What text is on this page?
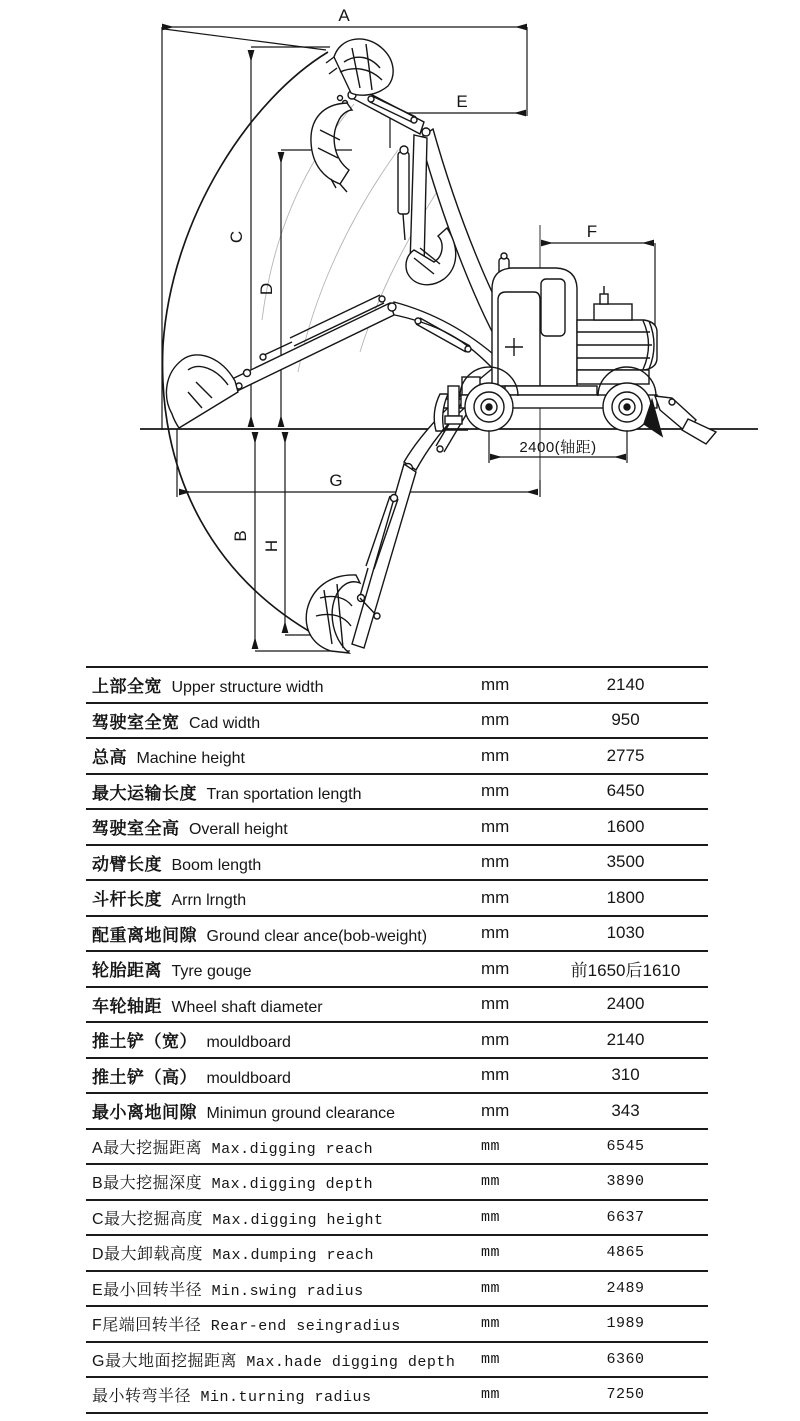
A
E
F
G
C
D
B
H
2400(轴距)
上部全宽 Upper structure width	mm	2140
驾驶室全宽 Cad width	mm	950
总高 Machine height	mm	2775
最大运输长度 Tran sportation length	mm	6450
驾驶室全高 Overall height	mm	1600
动臂长度 Boom length	mm	3500
斗杆长度 Arrn lrngth	mm	1800
配重离地间隙 Ground clear ance(bob-weight)	mm	1030
轮胎距离 Tyre gouge	mm	前1650后1610
车轮轴距 Wheel shaft diameter	mm	2400
推土铲（宽） mouldboard	mm	2140
推土铲（高） mouldboard	mm	310
最小离地间隙 Minimun ground clearance	mm	343
A最大挖掘距离 Max.digging reach	mm	6545
B最大挖掘深度 Max.digging depth	mm	3890
C最大挖掘高度 Max.digging height	mm	6637
D最大卸载高度 Max.dumping reach	mm	4865
E最小回转半径 Min.swing radius	mm	2489
F尾端回转半径 Rear-end seingradius	mm	1989
G最大地面挖掘距离 Max.hade digging depth	mm	6360
最小转弯半径 Min.turning radius	mm	7250
